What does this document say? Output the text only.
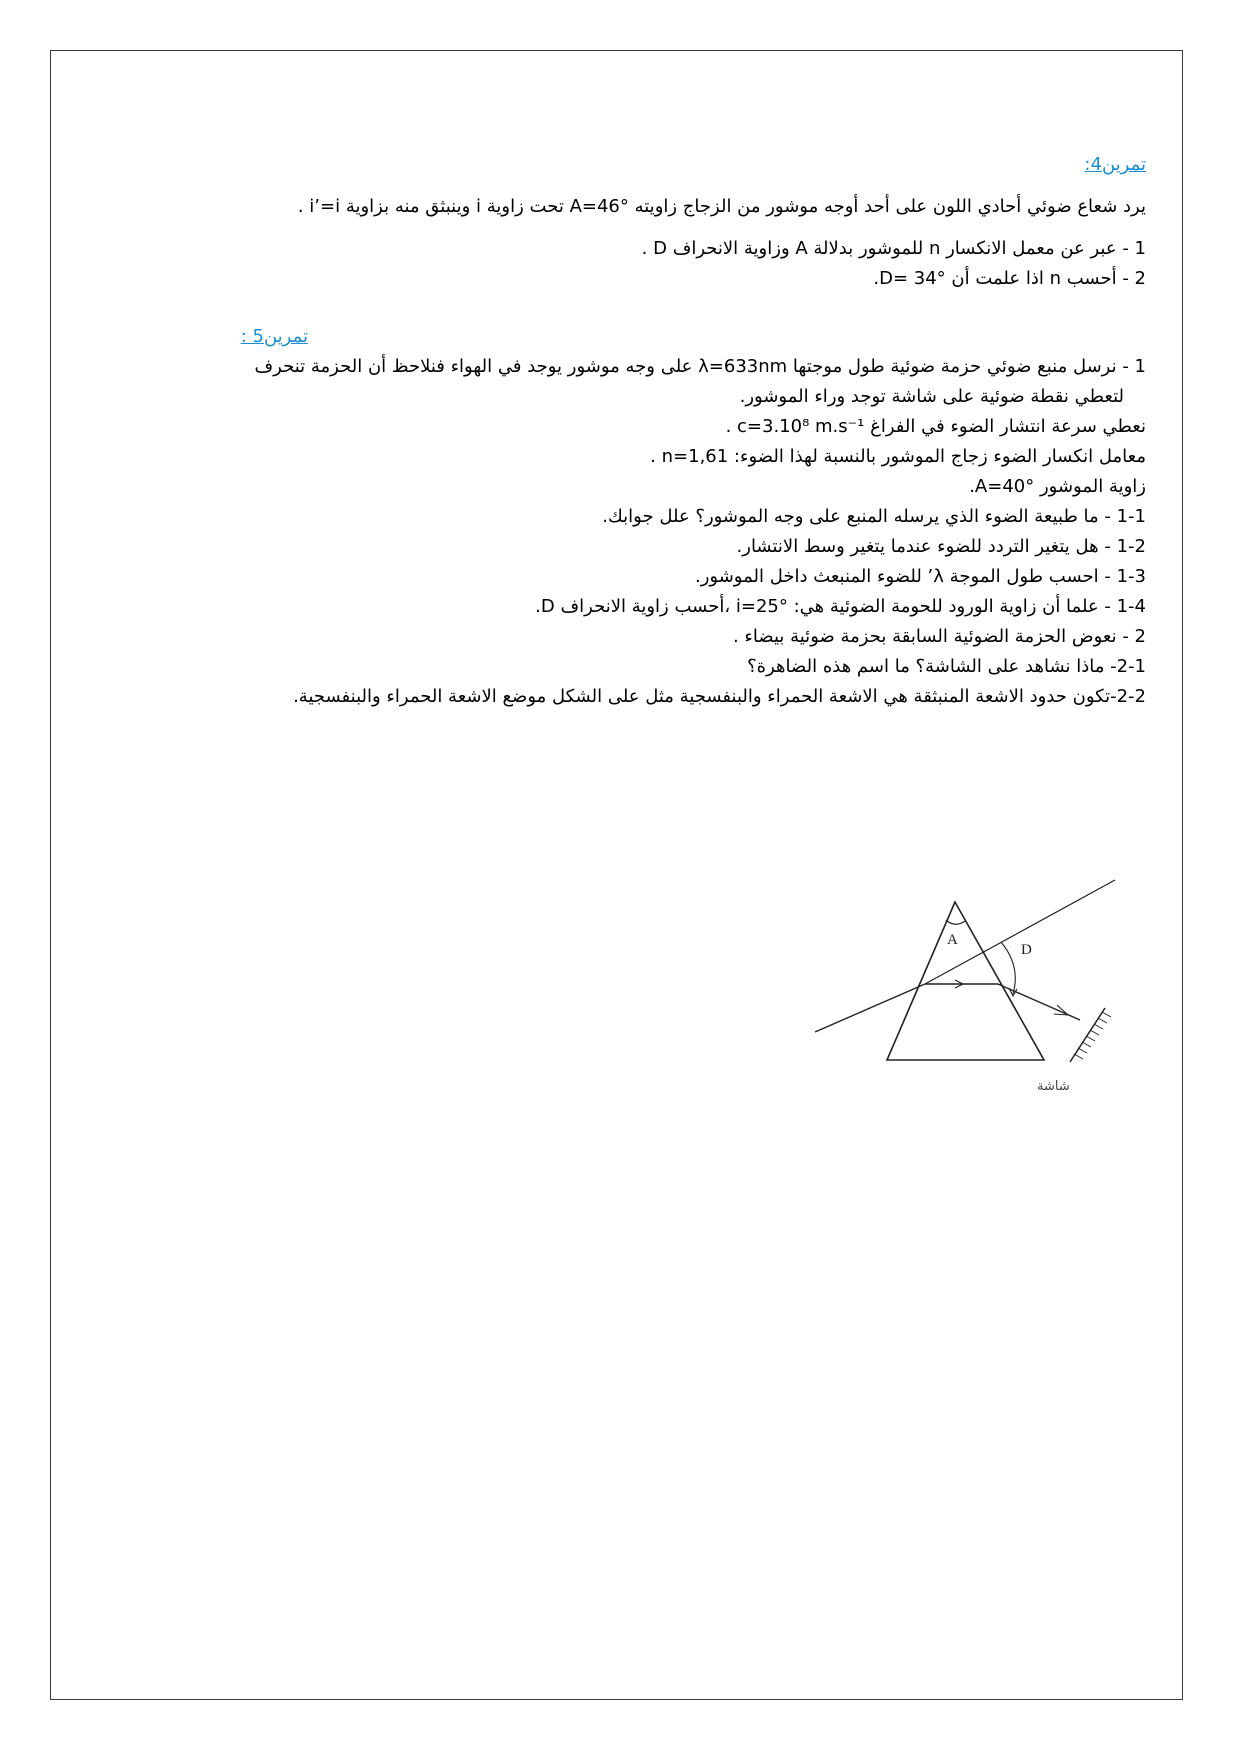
تمرين4:
يرد شعاع ضوئي أحادي اللون على أحد أوجه موشور من الزجاج زاويته A=46° تحت زاوية i وينبثق منه بزاوية i’=i .
1 - عبر عن معمل الانكسار n للموشور بدلالة A وزاوية الانحراف D .
2 - أحسب n اذا علمت أن D= 34°.
تمرين5 :
1 - نرسل منبع ضوئي حزمة ضوئية طول موجتها λ=633nm على وجه موشور يوجد في الهواء فنلاحظ أن الحزمة تنحرف
لتعطي نقطة ضوئية على شاشة توجد وراء الموشور.
نعطي سرعة انتشار الضوء في الفراغ c=3.10⁸ m.s⁻¹ .
معامل انكسار الضوء زجاج الموشور بالنسبة لهذا الضوء: n=1,61 .
زاوية الموشور A=40°.
1-1 - ما طبيعة الضوء الذي يرسله المنبع على وجه الموشور؟ علل جوابك.
1-2 - هل يتغير التردد للضوء عندما يتغير وسط الانتشار.
1-3 - احسب طول الموجة λ’ للضوء المنبعث داخل الموشور.
1-4 - علما أن زاوية الورود للحومة الضوئية هي: i=25° ،أحسب زاوية الانحراف D.
2 - نعوض الحزمة الضوئية السابقة بحزمة ضوئية بيضاء .
2-1- ماذا نشاهد على الشاشة؟ ما اسم هذه الضاهرة؟
2-2-تكون حدود الاشعة المنبثقة هي الاشعة الحمراء والبنفسجية مثل على الشكل موضع الاشعة الحمراء والبنفسجية.
A
D
شاشة
